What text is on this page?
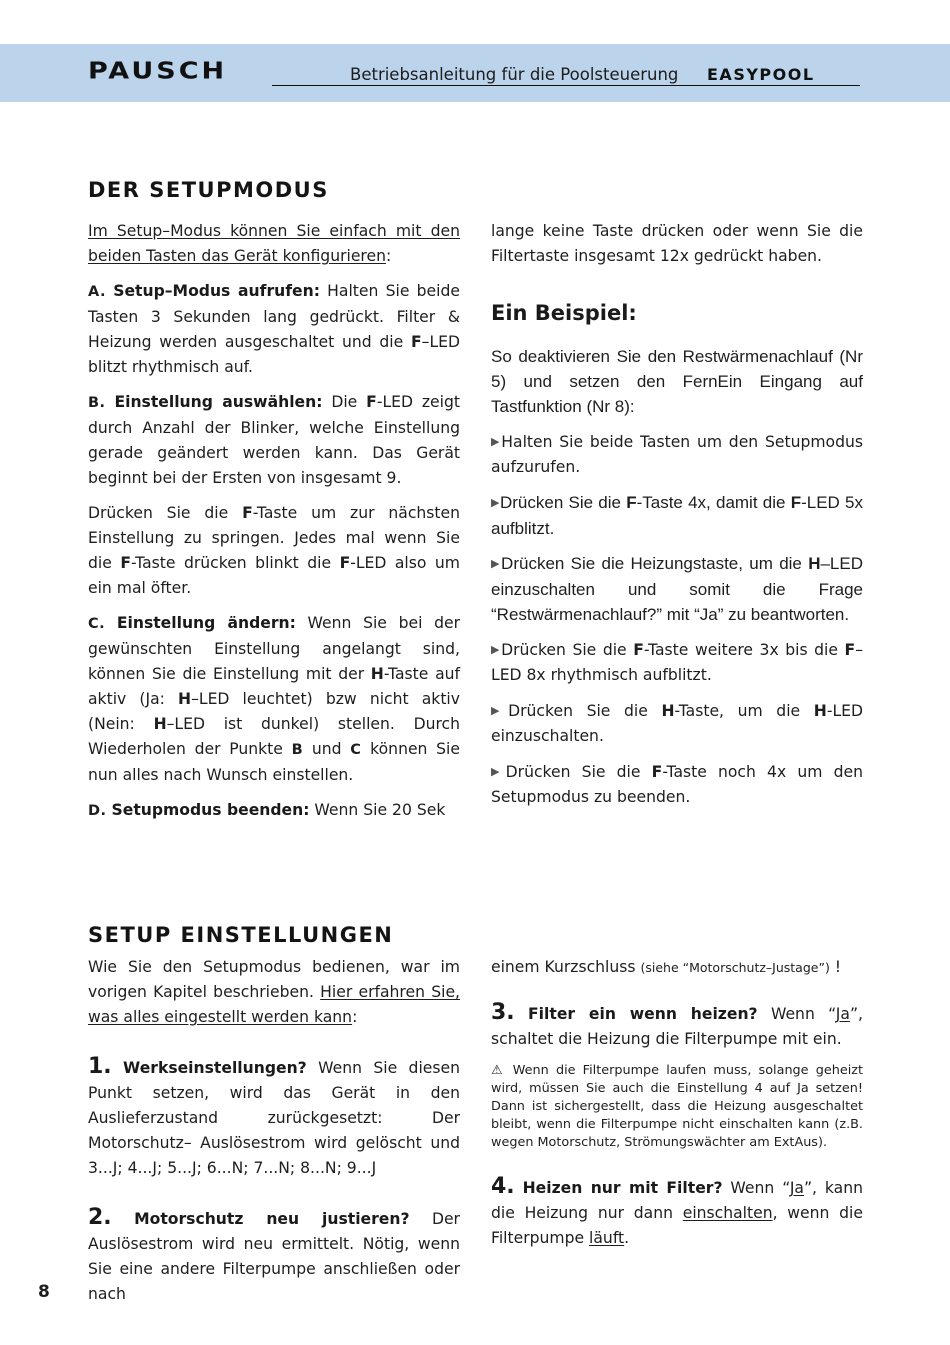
PAUSCH	Betriebsanleitung für die Poolsteuerung EASYPOOL
DER SETUPMODUS

Im Setup–Modus können Sie einfach mit den beiden Tasten das Gerät konfigurieren:

A. Setup–Modus aufrufen: Halten Sie beide Tasten 3 Sekunden lang gedrückt. Filter & Heizung werden ausgeschaltet und die F–LED blitzt rhythmisch auf.

B. Einstellung auswählen: Die F-LED zeigt durch Anzahl der Blinker, welche Einstellung gerade geändert werden kann. Das Gerät beginnt bei der Ersten von insgesamt 9.

Drücken Sie die F-Taste um zur nächsten Einstellung zu springen. Jedes mal wenn Sie die F-Taste drücken blinkt die F-LED also um ein mal öfter.

C. Einstellung ändern: Wenn Sie bei der gewünschten Einstellung angelangt sind, können Sie die Einstellung mit der H-Taste auf aktiv (Ja: H–LED leuchtet) bzw nicht aktiv (Nein: H–LED ist dunkel) stellen. Durch Wiederholen der Punkte B und C können Sie nun alles nach Wunsch einstellen.

D. Setupmodus beenden: Wenn Sie 20 Sek

lange keine Taste drücken oder wenn Sie die Filtertaste insgesamt 12x gedrückt haben.

Ein Beispiel:

So deaktivieren Sie den Restwärmenachlauf (Nr 5) und setzen den FernEin Eingang auf Tastfunktion (Nr 8):

▶Halten Sie beide Tasten um den Setupmodus aufzurufen.

▶Drücken Sie die F-Taste 4x, damit die F-LED 5x aufblitzt.

▶Drücken Sie die Heizungstaste, um die H–LED einzuschalten und somit die Frage “Restwärmenachlauf?” mit “Ja” zu beantworten.

▶Drücken Sie die F-Taste weitere 3x bis die F–LED 8x rhythmisch aufblitzt.

▶Drücken Sie die H-Taste, um die H-LED einzuschalten.

▶Drücken Sie die F-Taste noch 4x um den Setupmodus zu beenden.

SETUP EINSTELLUNGEN

Wie Sie den Setupmodus bedienen, war im vorigen Kapitel beschrieben. Hier erfahren Sie, was alles eingestellt werden kann:

1. Werkseinstellungen? Wenn Sie diesen Punkt setzen, wird das Gerät in den Auslieferzustand zurückgesetzt: Der Motorschutz– Auslösestrom wird gelöscht und 3...J; 4...J; 5...J; 6...N; 7...N; 8...N; 9...J

2. Motorschutz neu justieren? Der Auslösestrom wird neu ermittelt. Nötig, wenn Sie eine andere Filterpumpe anschließen oder nach

einem Kurzschluss (siehe “Motorschutz–Justage”) !

3. Filter ein wenn heizen? Wenn “Ja”, schaltet die Heizung die Filterpumpe mit ein.

⚠ Wenn die Filterpumpe laufen muss, solange geheizt wird, müssen Sie auch die Einstellung 4 auf Ja setzen! Dann ist sichergestellt, dass die Heizung ausgeschaltet bleibt, wenn die Filterpumpe nicht einschalten kann (z.B. wegen Motorschutz, Strömungswächter am ExtAus).

4. Heizen nur mit Filter? Wenn “Ja”, kann die Heizung nur dann einschalten, wenn die Filterpumpe läuft.

8
